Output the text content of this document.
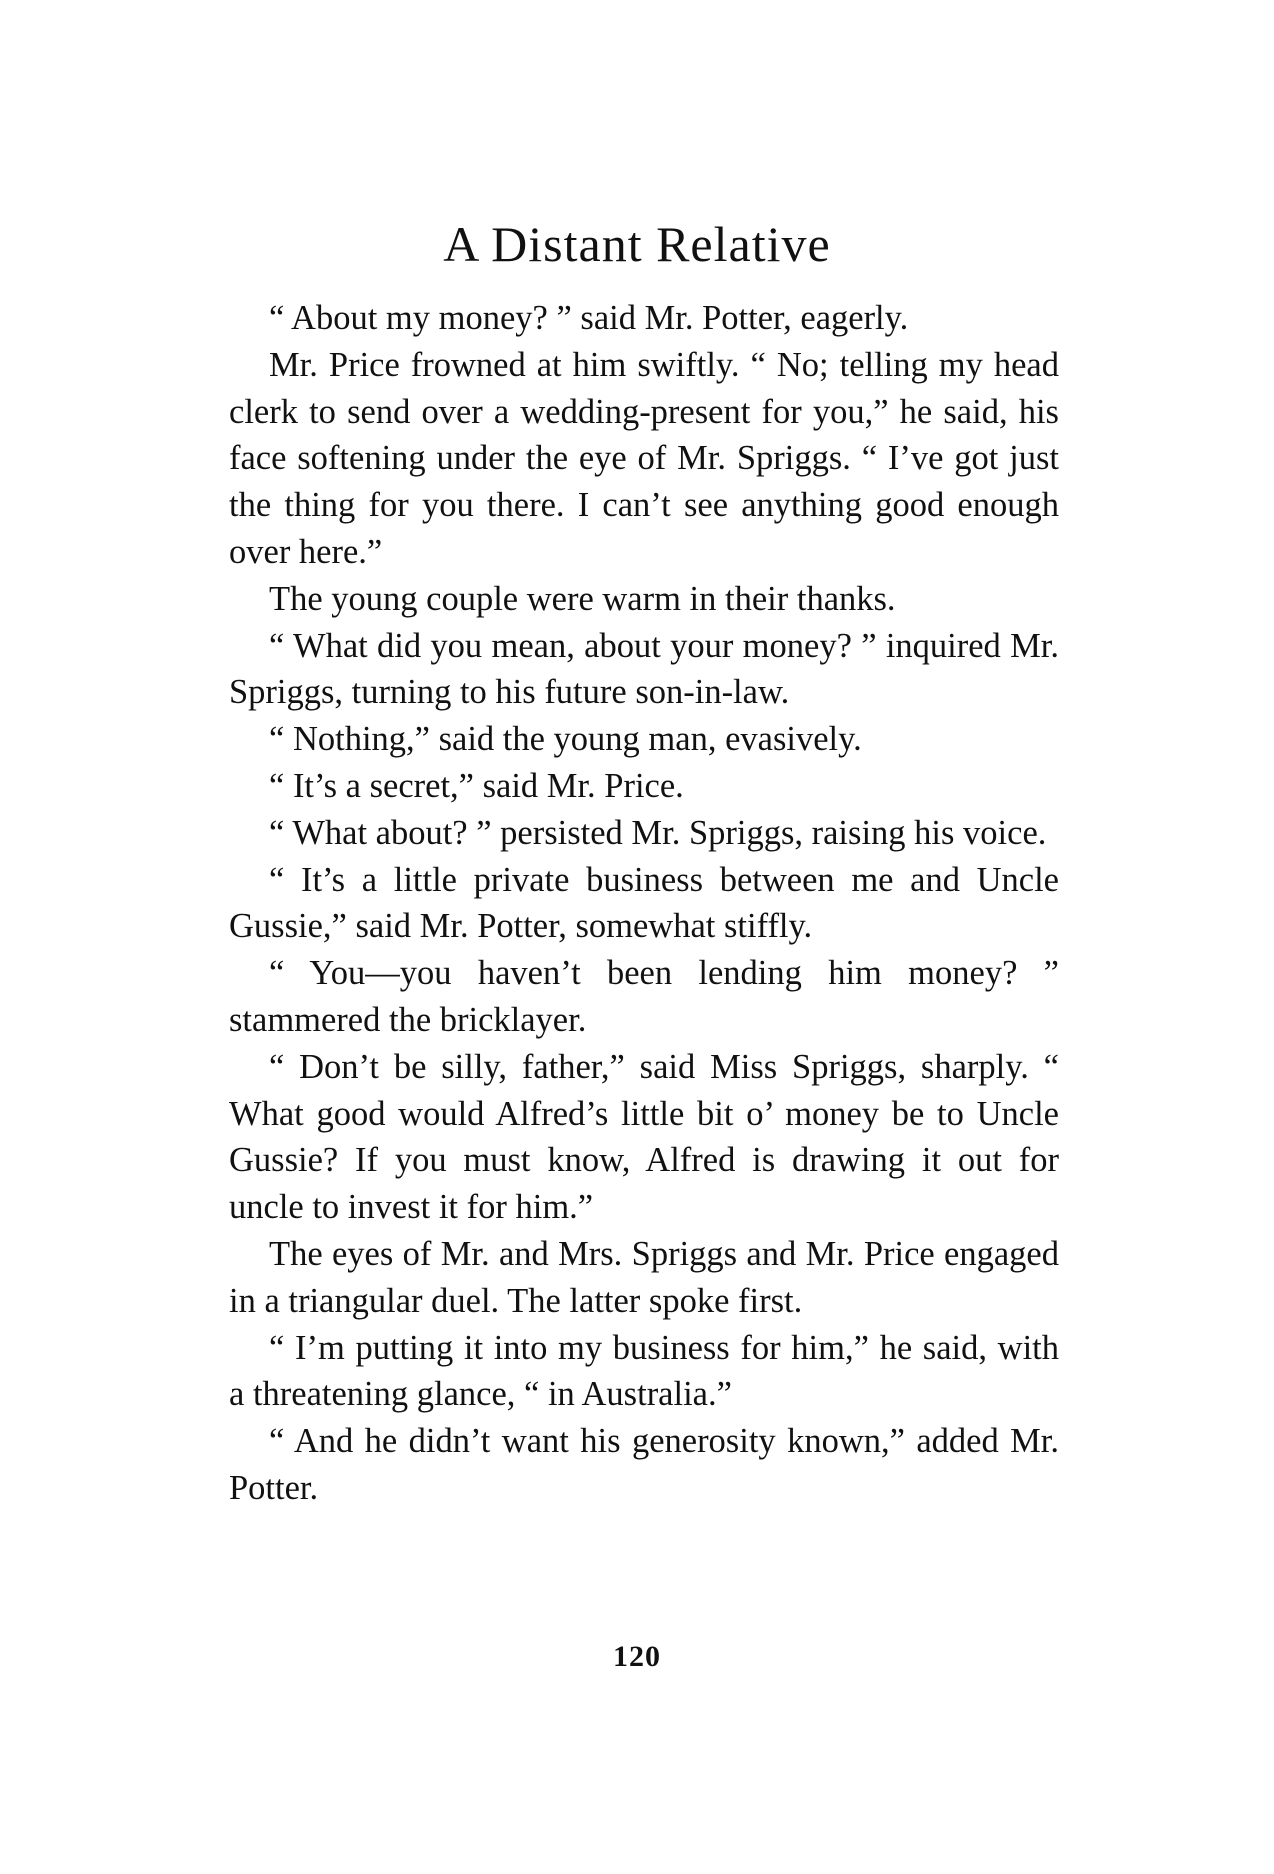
A Distant Relative

“ About my money? ” said Mr. Potter, eagerly.

Mr. Price frowned at him swiftly. “ No; telling my head clerk to send over a wedding-present for you,” he said, his face softening under the eye of Mr. Spriggs. “ I’ve got just the thing for you there. I can’t see anything good enough over here.”

The young couple were warm in their thanks.

“ What did you mean, about your money? ” inquired Mr. Spriggs, turning to his future son-in-law.

“ Nothing,” said the young man, evasively.

“ It’s a secret,” said Mr. Price.

“ What about? ” persisted Mr. Spriggs, raising his voice.

“ It’s a little private business between me and Uncle Gussie,” said Mr. Potter, somewhat stiffly.

“ You—you haven’t been lending him money? ” stammered the bricklayer.

“ Don’t be silly, father,” said Miss Spriggs, sharply. “ What good would Alfred’s little bit o’ money be to Uncle Gussie? If you must know, Alfred is drawing it out for uncle to invest it for him.”

The eyes of Mr. and Mrs. Spriggs and Mr. Price engaged in a triangular duel. The latter spoke first.

“ I’m putting it into my business for him,” he said, with a threatening glance, “ in Australia.”

“ And he didn’t want his generosity known,” added Mr. Potter.

120
